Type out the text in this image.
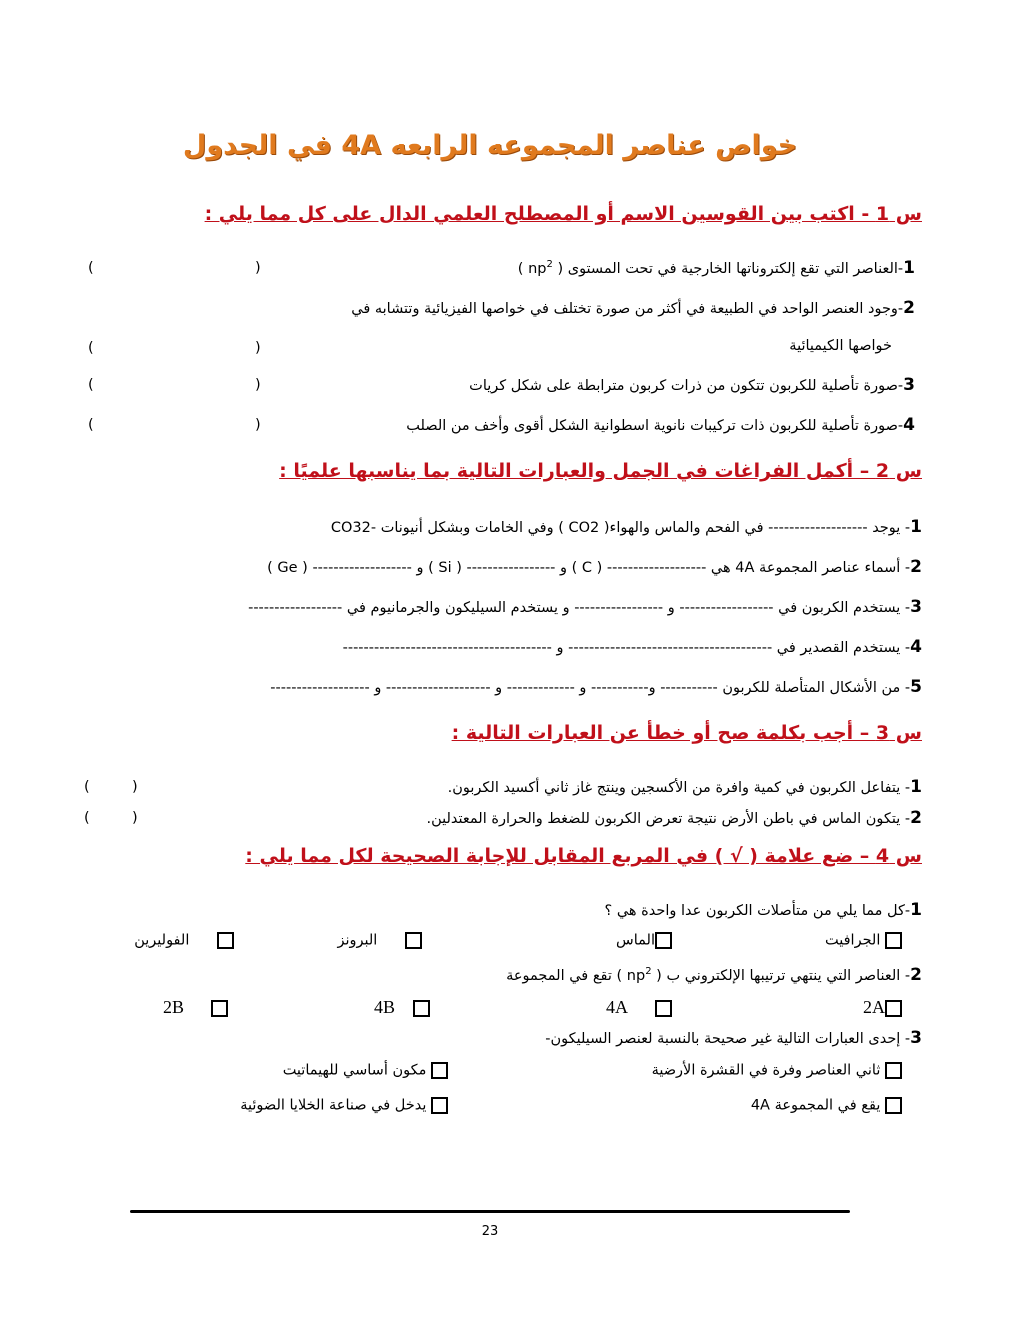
خواص عناصر المجموعه الرابعه 4A في الجدول
س 1 - اكتب بين القوسين الاسم أو المصطلح العلمي الدال على كل مما يلي :
1-العناصر التي تقع إلكتروناتها الخارجية في تحت المستوى ( $np^2$ )
2-وجود العنصر الواحد في الطبيعة في أكثر من صورة تختلف في خواصها الفيزيائية وتتشابه في
خواصها الكيميائية
3-صورة تأصلية للكربون تتكون من ذرات كربون مترابطة على شكل كريات
4-صورة تأصلية للكربون ذات تركيبات نانوية اسطوانية الشكل أقوى وأخف من الصلب
(
)
(
)
(
)
(
)
س 2 – أكمل الفراغات في الجمل والعبارات التالية بما يناسبها علميًا :
1- يوجد ------------------- في الفحم والماس والهواء( CO2 ) وفي الخامات وبشكل أنيونات -CO32
2- أسماء عناصر المجموعة 4A هي ------------------- ( C ) و ----------------- ( Si ) و ------------------- ( Ge )
3- يستخدم الكربون في ------------------ و ----------------- و يستخدم السيليكون والجرمانيوم في ------------------
4- يستخدم القصدير في --------------------------------------- و ----------------------------------------
5- من الأشكال المتأصلة للكربون ----------- و----------- و ------------- و -------------------- و -------------------
س 3 – أجب بكلمة صح أو خطأ عن العبارات التالية :
1- يتفاعل الكربون في كمية وافرة من الأكسجين وينتج غاز ثاني أكسيد الكربون.
2- يتكون الماس في باطن الأرض نتيجة تعرض الكربون للضغط والحرارة المعتدلين.
(
)
(
)
س 4 – ضع علامة ( √ ) في المربع المقابل للإجابة الصحيحة لكل مما يلي :
1-كل مما يلي من متأصلات الكربون عدا واحدة هي ؟
الجرافيت
الماس
البرونز
الفوليرين
2- العناصر التي ينتهي ترتيبها الإلكتروني ب ( $np^2$ ) تقع في المجموعة
2A
4A
4B
2B
3- إحدى العبارات التالية غير صحيحة بالنسبة لعنصر السيليكون-
ثاني العناصر وفرة في القشرة الأرضية
مكون أساسي للهيماتيت
يقع في المجموعة 4A
يدخل في صناعة الخلايا الضوئية
23
